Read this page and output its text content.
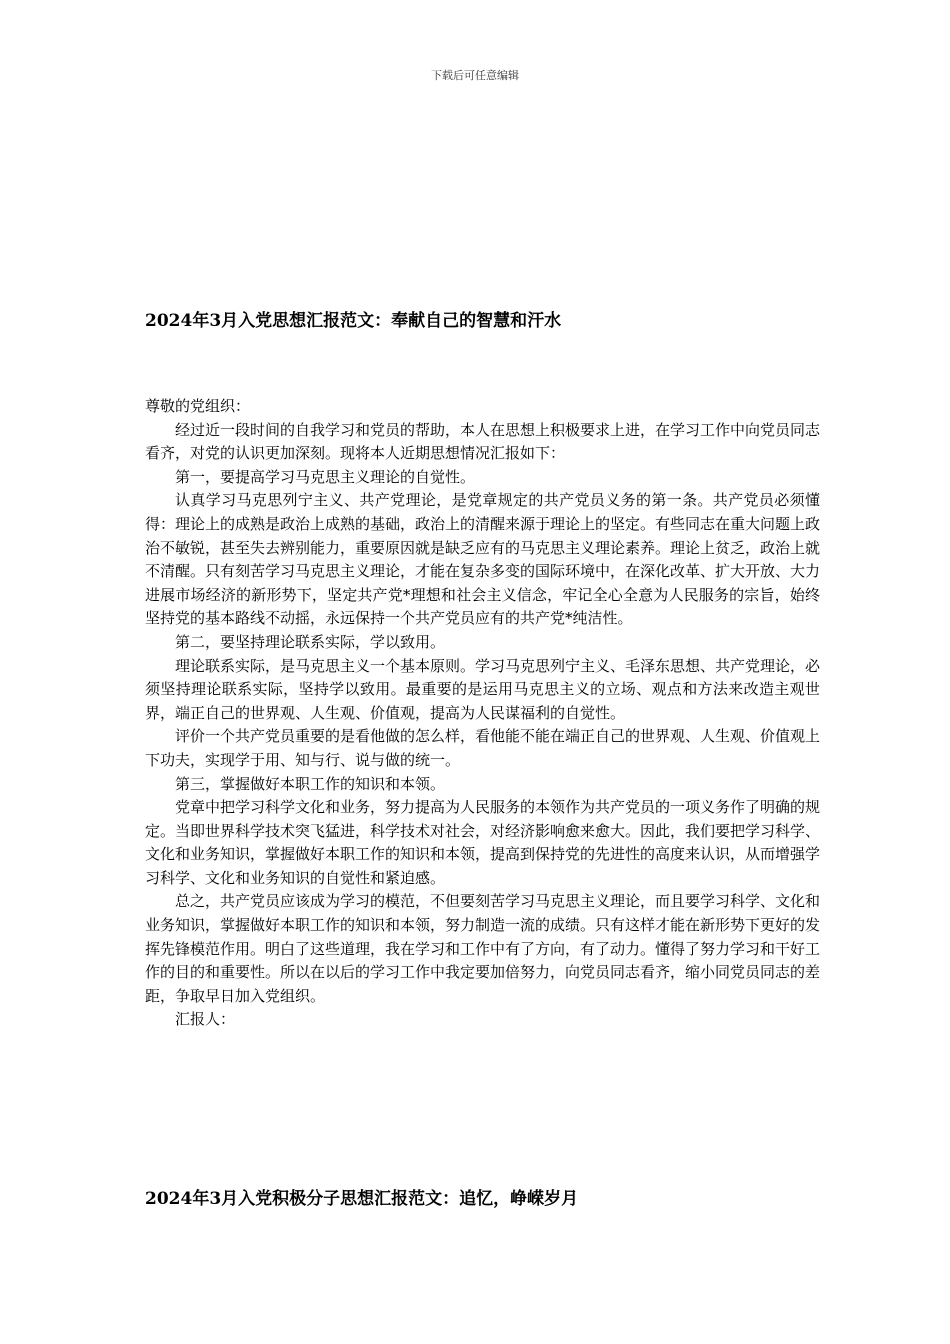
下载后可任意编辑
2024年3月入党思想汇报范文：奉献自己的智慧和汗水

尊敬的党组织：

经过近一段时间的自我学习和党员的帮助，本人在思想上积极要求上进，在学习工作中向党员同志看齐，对党的认识更加深刻。现将本人近期思想情况汇报如下：

第一，要提高学习马克思主义理论的自觉性。

认真学习马克思列宁主义、共产党理论，是党章规定的共产党员义务的第一条。共产党员必须懂得：理论上的成熟是政治上成熟的基础，政治上的清醒来源于理论上的坚定。有些同志在重大问题上政治不敏锐，甚至失去辨别能力，重要原因就是缺乏应有的马克思主义理论素养。理论上贫乏，政治上就不清醒。只有刻苦学习马克思主义理论，才能在复杂多变的国际环境中，在深化改革、扩大开放、大力进展市场经济的新形势下，坚定共产党*理想和社会主义信念，牢记全心全意为人民服务的宗旨，始终坚持党的基本路线不动摇，永远保持一个共产党员应有的共产党*纯洁性。

第二，要坚持理论联系实际，学以致用。

理论联系实际，是马克思主义一个基本原则。学习马克思列宁主义、毛泽东思想、共产党理论，必须坚持理论联系实际，坚持学以致用。最重要的是运用马克思主义的立场、观点和方法来改造主观世界，端正自己的世界观、人生观、价值观，提高为人民谋福利的自觉性。

评价一个共产党员重要的是看他做的怎么样，看他能不能在端正自己的世界观、人生观、价值观上下功夫，实现学于用、知与行、说与做的统一。

第三，掌握做好本职工作的知识和本领。

党章中把学习科学文化和业务，努力提高为人民服务的本领作为共产党员的一项义务作了明确的规定。当即世界科学技术突飞猛进，科学技术对社会，对经济影响愈来愈大。因此，我们要把学习科学、文化和业务知识，掌握做好本职工作的知识和本领，提高到保持党的先进性的高度来认识，从而增强学习科学、文化和业务知识的自觉性和紧迫感。

总之，共产党员应该成为学习的模范，不但要刻苦学习马克思主义理论，而且要学习科学、文化和业务知识，掌握做好本职工作的知识和本领，努力制造一流的成绩。只有这样才能在新形势下更好的发挥先锋模范作用。明白了这些道理，我在学习和工作中有了方向，有了动力。懂得了努力学习和干好工作的目的和重要性。所以在以后的学习工作中我定要加倍努力，向党员同志看齐，缩小同党员同志的差距，争取早日加入党组织。

汇报人：

2024年3月入党积极分子思想汇报范文：追忆，峥嵘岁月
